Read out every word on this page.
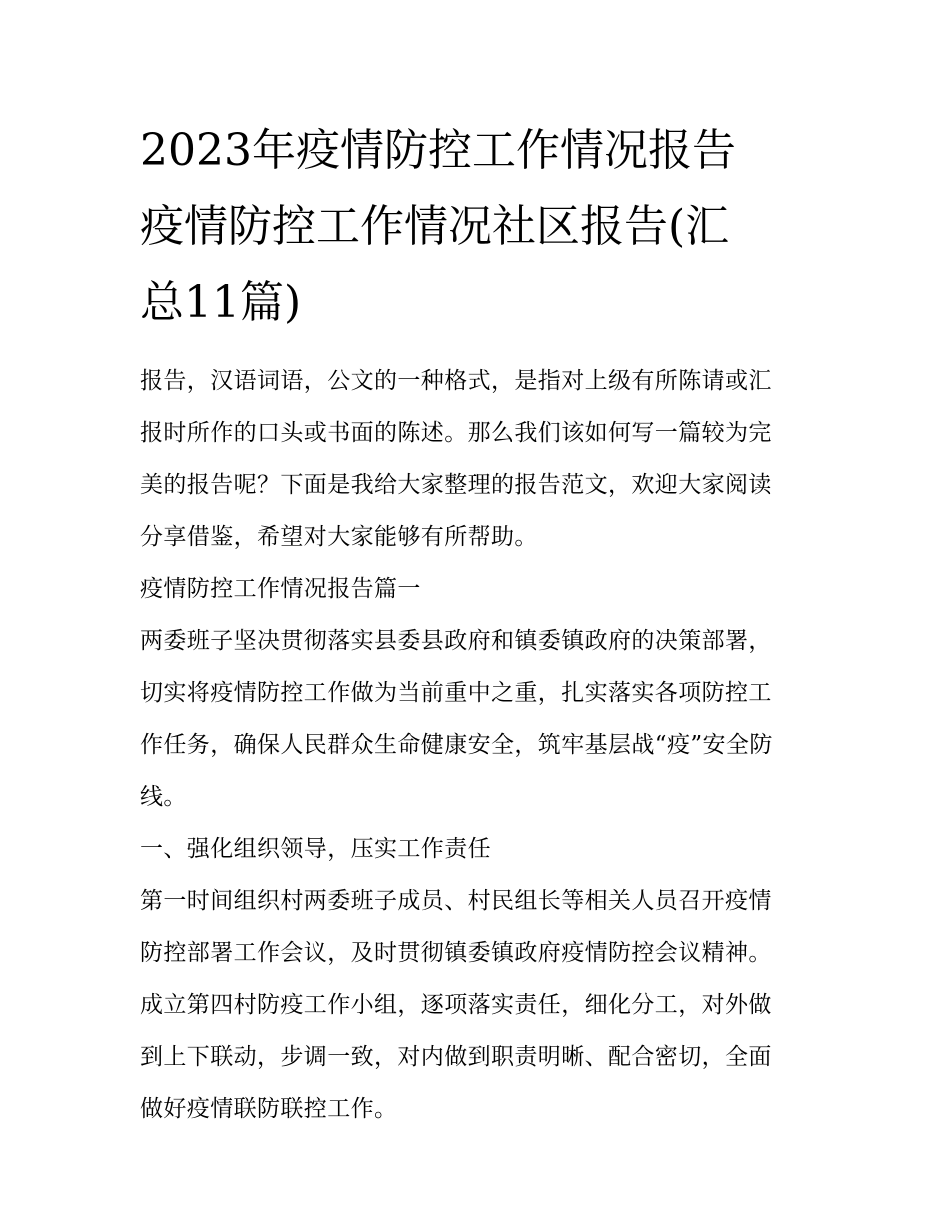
2023年疫情防控工作情况报告
疫情防控工作情况社区报告(汇
总11篇)

报告，汉语词语，公文的一种格式，是指对上级有所陈请或汇
报时所作的口头或书面的陈述。那么我们该如何写一篇较为完
美的报告呢？下面是我给大家整理的报告范文，欢迎大家阅读
分享借鉴，希望对大家能够有所帮助。

疫情防控工作情况报告篇一

两委班子坚决贯彻落实县委县政府和镇委镇政府的决策部署，
切实将疫情防控工作做为当前重中之重，扎实落实各项防控工
作任务，确保人民群众生命健康安全，筑牢基层战“疫”安全防
线。

一、强化组织领导，压实工作责任

第一时间组织村两委班子成员、村民组长等相关人员召开疫情
防控部署工作会议，及时贯彻镇委镇政府疫情防控会议精神。
成立第四村防疫工作小组，逐项落实责任，细化分工，对外做
到上下联动，步调一致，对内做到职责明晰、配合密切，全面
做好疫情联防联控工作。
